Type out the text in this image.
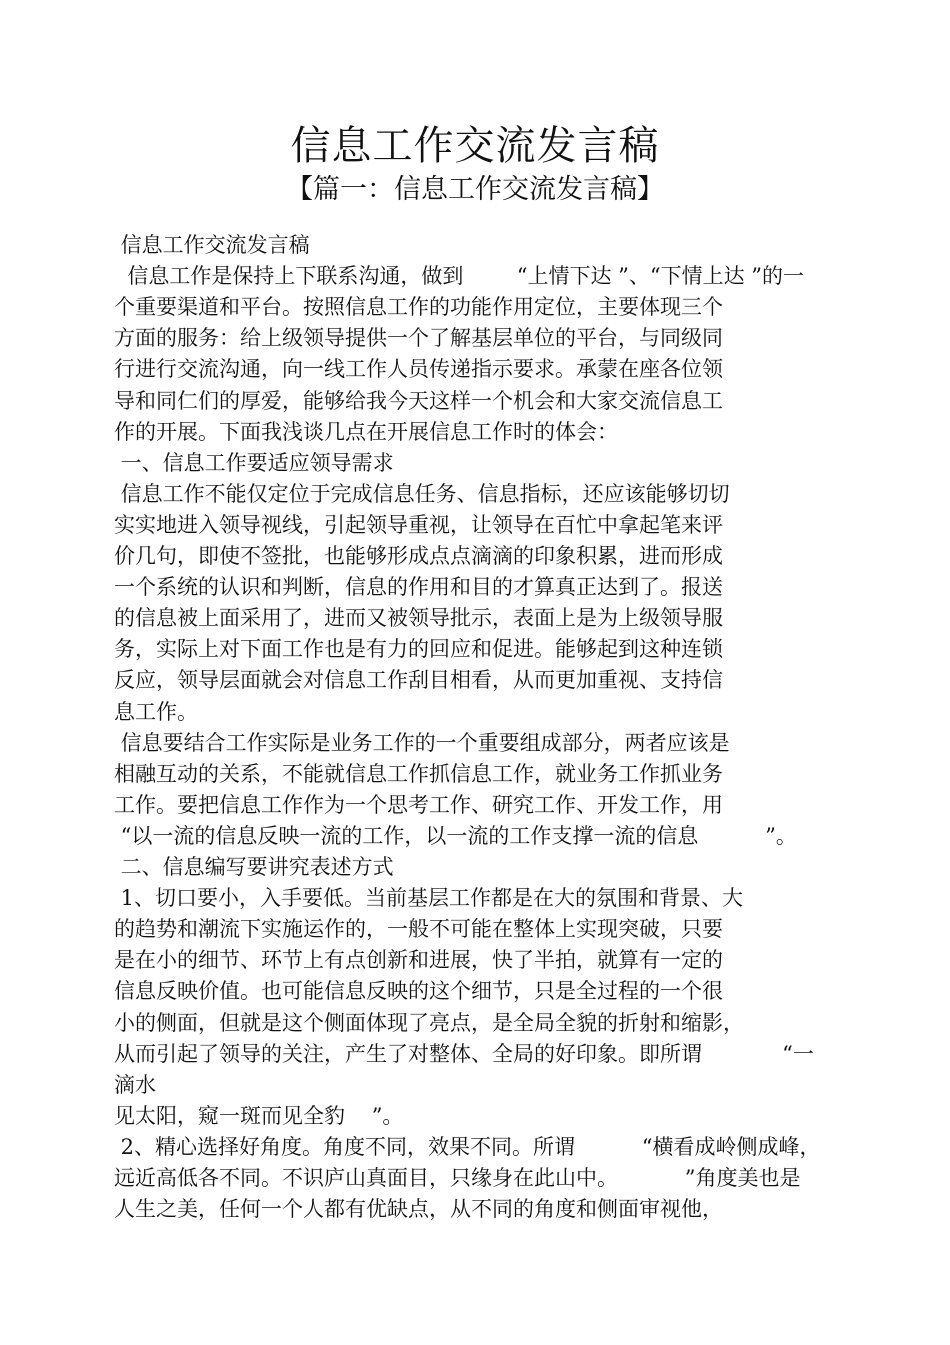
信息工作交流发言稿
【篇一：信息工作交流发言稿】
信息工作交流发言稿
信息工作是保持上下联系沟通，做到        “上情下达 ”、“下情上达 ”的一
个重要渠道和平台。按照信息工作的功能作用定位，主要体现三个
方面的服务：给上级领导提供一个了解基层单位的平台，与同级同
行进行交流沟通，向一线工作人员传递指示要求。承蒙在座各位领
导和同仁们的厚爱，能够给我今天这样一个机会和大家交流信息工
作的开展。下面我浅谈几点在开展信息工作时的体会：
一、信息工作要适应领导需求
信息工作不能仅定位于完成信息任务、信息指标，还应该能够切切
实实地进入领导视线，引起领导重视，让领导在百忙中拿起笔来评
价几句，即使不签批，也能够形成点点滴滴的印象积累，进而形成
一个系统的认识和判断，信息的作用和目的才算真正达到了。报送
的信息被上面采用了，进而又被领导批示，表面上是为上级领导服
务，实际上对下面工作也是有力的回应和促进。能够起到这种连锁
反应，领导层面就会对信息工作刮目相看，从而更加重视、支持信
息工作。
信息要结合工作实际是业务工作的一个重要组成部分，两者应该是
相融互动的关系，不能就信息工作抓信息工作，就业务工作抓业务
工作。要把信息工作作为一个思考工作、研究工作、开发工作，用
“以一流的信息反映一流的工作，以一流的工作支撑一流的信息          ”。
二、信息编写要讲究表述方式
1、切口要小，入手要低。当前基层工作都是在大的氛围和背景、大
的趋势和潮流下实施运作的，一般不可能在整体上实现突破，只要
是在小的细节、环节上有点创新和进展，快了半拍，就算有一定的
信息反映价值。也可能信息反映的这个细节，只是全过程的一个很
小的侧面，但就是这个侧面体现了亮点，是全局全貌的折射和缩影，
从而引起了领导的关注，产生了对整体、全局的好印象。即所谓            “一
滴水
见太阳，窥一斑而见全豹    ”。
2、精心选择好角度。角度不同，效果不同。所谓          “横看成岭侧成峰，
远近高低各不同。不识庐山真面目，只缘身在此山中。          ”角度美也是
人生之美，任何一个人都有优缺点，从不同的角度和侧面审视他，
